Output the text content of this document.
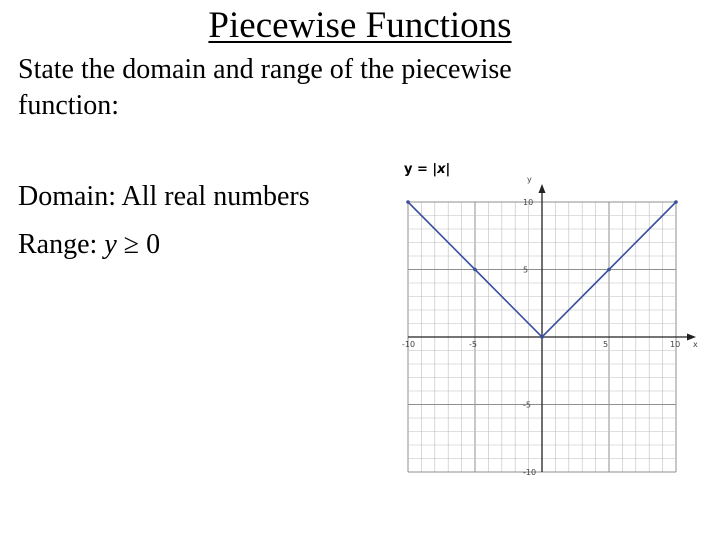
Piecewise Functions

State the domain and range of the piecewise function:

Domain: All real numbers

Range: y ≥ 0

y = |x|
x
y
-10	-5	5	10
10
5
-5
-10
